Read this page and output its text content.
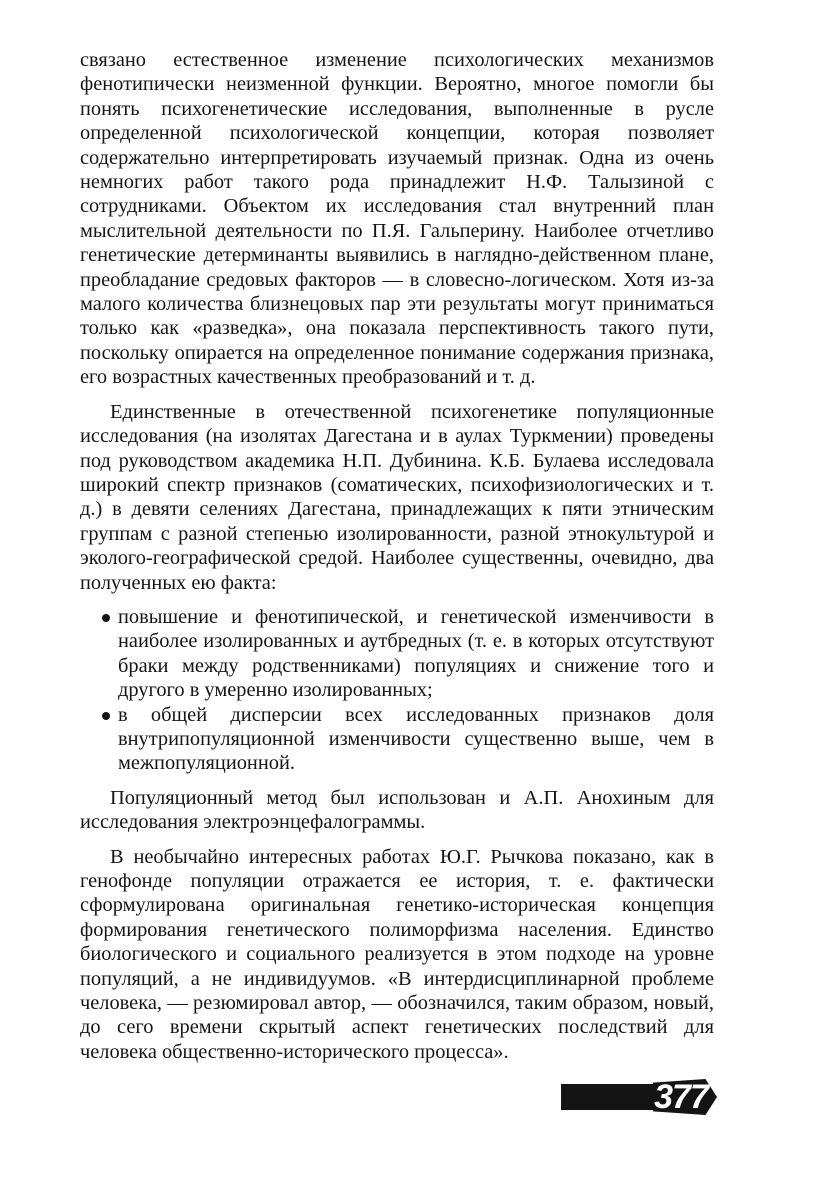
связано естественное изменение психологических механизмов фенотипически неизменной функции. Вероятно, многое помогли бы понять психогенетические исследования, выполненные в русле определенной психологической концепции, которая позволяет содержательно интерпретировать изучаемый признак. Одна из очень немногих работ такого рода принадлежит Н.Ф. Талызиной с сотрудниками. Объектом их исследования стал внутренний план мыслительной деятельности по П.Я. Гальперину. Наиболее отчетливо генетические детерминанты выявились в наглядно-действенном плане, преобладание средовых факторов — в словесно-логическом. Хотя из-за малого количества близнецовых пар эти результаты могут приниматься только как «разведка», она показала перспективность такого пути, поскольку опирается на определенное понимание содержания признака, его возрастных качественных преобразований и т. д.

Единственные в отечественной психогенетике популяционные исследования (на изолятах Дагестана и в аулах Туркмении) проведены под руководством академика Н.П. Дубинина. К.Б. Булаева исследовала широкий спектр признаков (соматических, психофизиологических и т. д.) в девяти селениях Дагестана, принадлежащих к пяти этническим группам с разной степенью изолированности, разной этнокультурой и эколого-географической средой. Наиболее существенны, очевидно, два полученных ею факта:

повышение и фенотипической, и генетической изменчивости в наиболее изолированных и аутбредных (т. е. в которых отсутствуют браки между родственниками) популяциях и снижение того и другого в умеренно изолированных;
в общей дисперсии всех исследованных признаков доля внутрипопуляционной изменчивости существенно выше, чем в межпопуляционной.

Популяционный метод был использован и А.П. Анохиным для исследования электроэнцефалограммы.

В необычайно интересных работах Ю.Г. Рычкова показано, как в генофонде популяции отражается ее история, т. е. фактически сформулирована оригинальная генетико-историческая концепция формирования генетического полиморфизма населения. Единство биологического и социального реализуется в этом подходе на уровне популяций, а не индивидуумов. «В интердисциплинарной проблеме человека, — резюмировал автор, — обозначился, таким образом, новый, до сего времени скрытый аспект генетических последствий для человека общественно-исторического процесса».

377
